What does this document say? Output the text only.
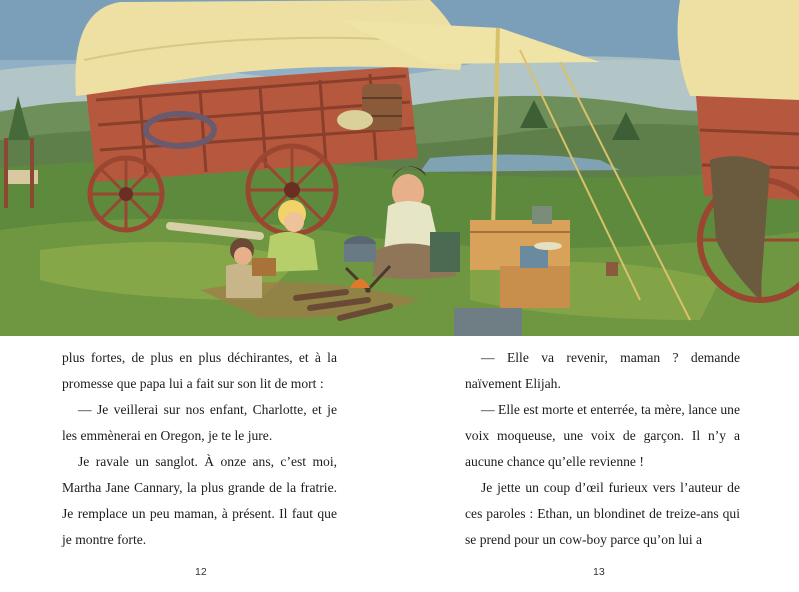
plus fortes, de plus en plus déchirantes, et à la promesse que papa lui a fait sur son lit de mort :

— Je veillerai sur nos enfant, Charlotte, et je les emmènerai en Oregon, je te le jure.

Je ravale un sanglot. À onze ans, c’est moi, Martha Jane Cannary, la plus grande de la fratrie. Je remplace un peu maman, à présent. Il faut que je montre forte.

— Elle va revenir, maman ? demande naïvement Elijah.

— Elle est morte et enterrée, ta mère, lance une voix moqueuse, une voix de garçon. Il n’y a aucune chance qu’elle revienne !

Je jette un coup d’œil furieux vers l’auteur de ces paroles : Ethan, un blondinet de treize-ans qui se prend pour un cow-boy parce qu’on lui a

12	13
